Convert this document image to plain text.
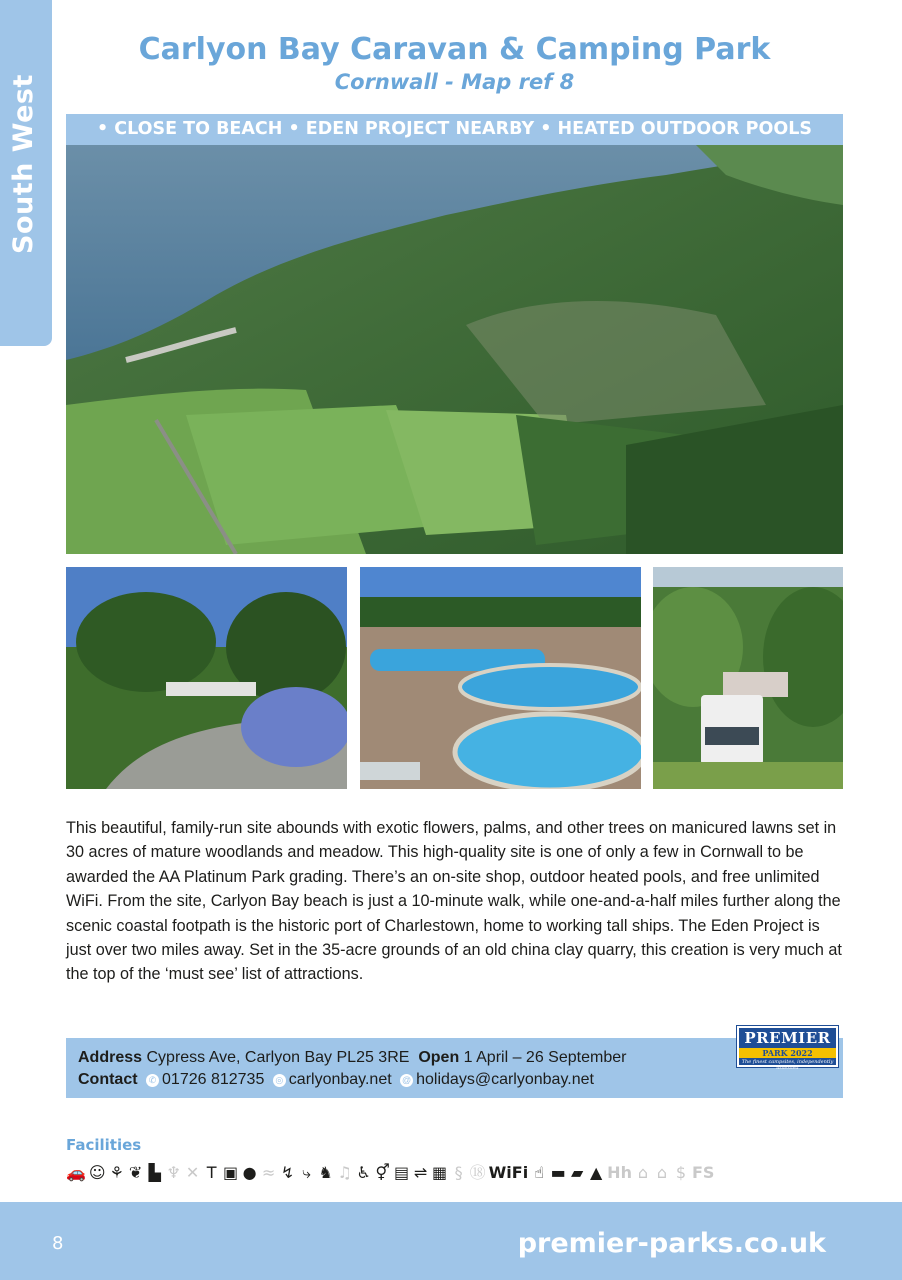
South West
Carlyon Bay Caravan & Camping Park
Cornwall - Map ref 8
• CLOSE TO BEACH • EDEN PROJECT NEARBY • HEATED OUTDOOR POOLS
This beautiful, family-run site abounds with exotic flowers, palms, and other trees on manicured lawns set in 30 acres of mature woodlands and meadow. This high-quality site is one of only a few in Cornwall to be awarded the AA Platinum Park grading. There’s an on-site shop, outdoor heated pools, and free unlimited WiFi. From the site, Carlyon Bay beach is just a 10-minute walk, while one-and-a-half miles further along the scenic coastal footpath is the historic port of Charlestown, home to working tall ships. The Eden Project is just over two miles away. Set in the 35-acre grounds of an old china clay quarry, this creation is very much at the top of the ‘must see’ list of attractions.
Address Cypress Ave, Carlyon Bay PL25 3RE Open 1 April – 26 September
Contact ✆ 01726 812735 ◎ carlyonbay.net @ holidays@carlyonbay.net
PREMIER
PARK 2022
The finest campsites, independently assessed
Facilities
🚗 ☺ ⚘ ❦ ▙ ♆ ✕ T ▣ ● ≈ ↯ ⤷ ♞ ♫ ♿ ⚥ ▤ ⇌ ▦ § ⑱ WiFi ☝ ▬ ▰ ▲ Hh ⌂ ⌂ $ FS
8	premier-parks.co.uk
